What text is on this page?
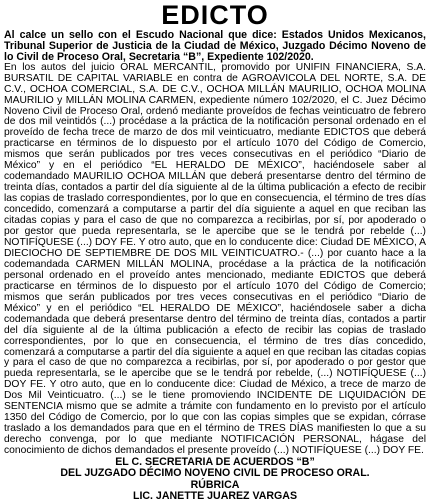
EDICTO

Al calce un sello con el Escudo Nacional que dice: Estados Unidos Mexicanos, Tribunal Superior de Justicia de la Ciudad de México, Juzgado Décimo Noveno de lo Civil de Proceso Oral, Secretaria “B”, Expediente 102/2020.

En los autos del juicio ORAL MERCANTIL, promovido por UNIFIN FINANCIERA, S.A. BURSATIL DE CAPITAL VARIABLE en contra de AGROAVICOLA DEL NORTE, S.A. DE C.V., OCHOA COMERCIAL, S.A. DE C.V., OCHOA MILLÁN MAURILIO, OCHOA MOLINA MAURILIO y MILLÁN MOLINA CARMEN, expediente número 102/2020, el C. Juez Décimo Noveno Civil de Proceso Oral, ordenó mediante proveídos de fechas veinticuatro de febrero de dos mil veintidós (...) procédase a la práctica de la notificación personal ordenado en el proveído de fecha trece de marzo de dos mil veinticuatro, mediante EDICTOS que deberá practicarse en términos de lo dispuesto por el artículo 1070 del Código de Comercio, mismos que serán publicados por tres veces consecutivas en el periódico “Diario de México” y en el periódico “EL HERALDO DE MÉXICO”, haciéndosele saber al codemandado MAURILIO OCHOA MILLÁN que deberá presentarse dentro del término de treinta días, contados a partir del día siguiente al de la última publicación a efecto de recibir las copias de traslado correspondientes, por lo que en consecuencia, el término de tres días concedido, comenzará a computarse a partir del día siguiente a aquel en que reciban las citadas copias y para el caso de que no comparezca a recibirlas, por sí, por apoderado o por gestor que pueda representarla, se le apercibe que se le tendrá por rebelde (...) NOTIFÍQUESE (...) DOY FE. Y otro auto, que en lo conducente dice: Ciudad DE MÉXICO, A DIECIOCHO DE SEPTIEMBRE DE DOS MIL VEINTICUATRO.- (...) por cuanto hace a la codemandada CARMEN MILLÁN MOLINA, procédase a la práctica de la notificación personal ordenado en el proveído antes mencionado, mediante EDICTOS que deberá practicarse en términos de lo dispuesto por el artículo 1070 del Código de Comercio; mismos que serán publicados por tres veces consecutivas en el periódico “Diario de México” y en el periódico “EL HERALDO DE MÉXICO”, haciéndosele saber a dicha codemandada que deberá presentarse dentro del término de treinta días, contados a partir del día siguiente al de la última publicación a efecto de recibir las copias de traslado correspondientes, por lo que en consecuencia, el término de tres días concedido, comenzará a computarse a partir del día siguiente a aquel en que reciban las citadas copias y para el caso de que no comparezca a recibirlas, por sí, por apoderado o por gestor que pueda representarla, se le apercibe que se le tendrá por rebelde, (...) NOTIFÍQUESE (...) DOY FE. Y otro auto, que en lo conducente dice: Ciudad de México, a trece de marzo de Dos Mil Veinticuatro. (...) se le tiene promoviendo INCIDENTE DE LIQUIDACIÓN DE SENTENCIA mismo que se admite a trámite con fundamento en lo previsto por el artículo 1350 del Código de Comercio, por lo que con las copias simples que se expidan, córrase traslado a los demandados para que en el término de TRES DÍAS manifiesten lo que a su derecho convenga, por lo que mediante NOTIFICACIÓN PERSONAL, hágase del conocimiento de dichos demandados el presente proveído (...) NOTIFÍQUESE (...) DOY FE.

EL C. SECRETARIA DE ACUERDOS “B”

DEL JUZGADO DÉCIMO NOVENO CIVIL DE PROCESO ORAL.

RÚBRICA

LIC. JANETTE JUAREZ VARGAS
